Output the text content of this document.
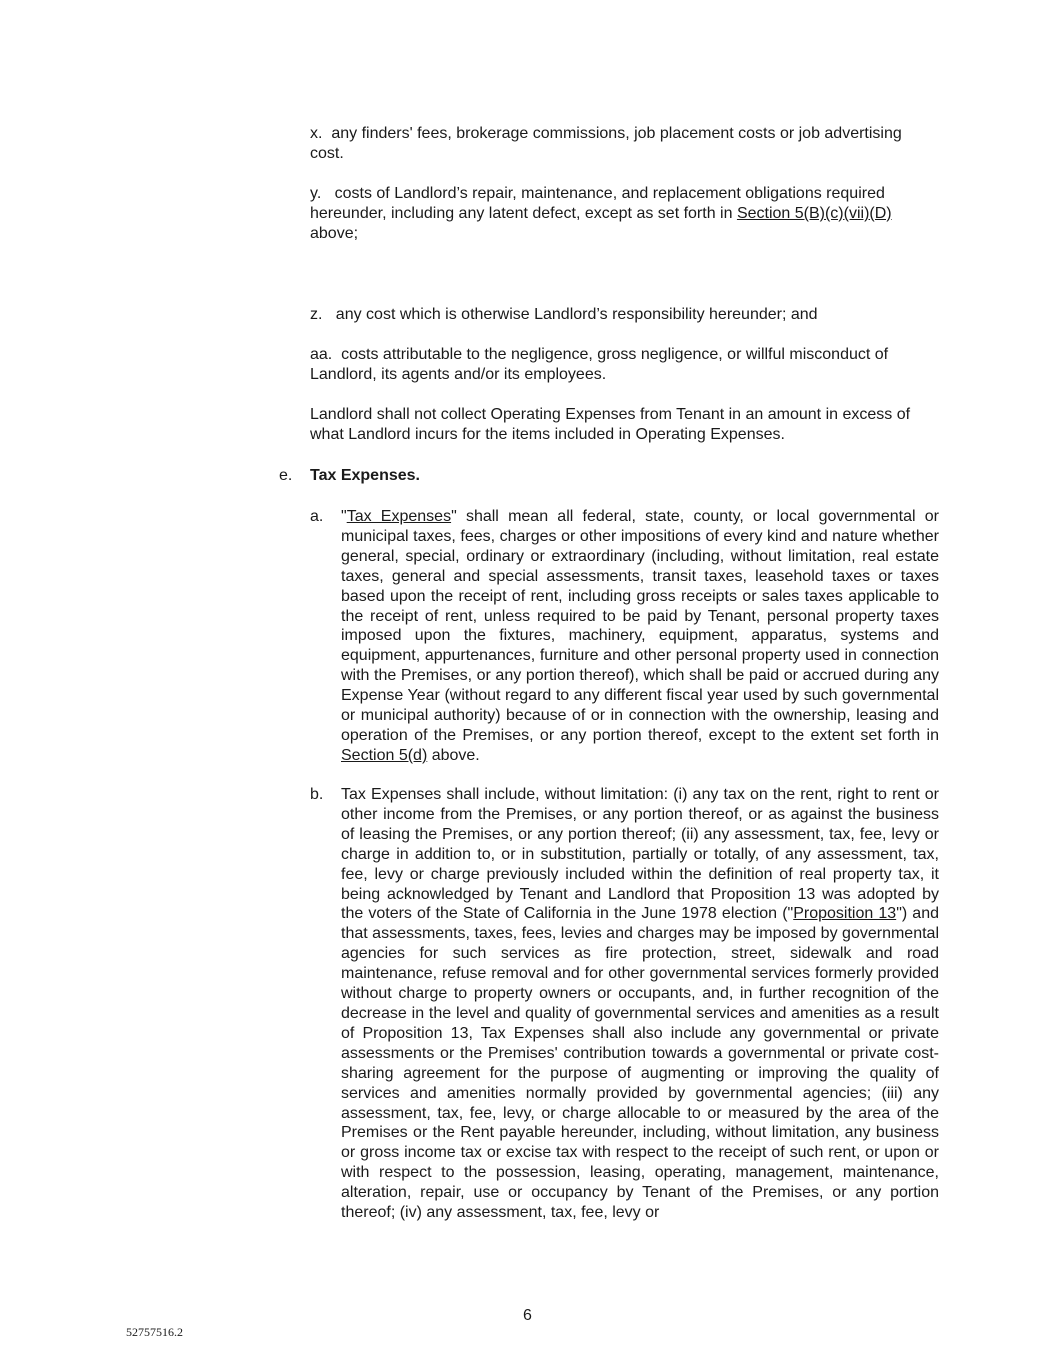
x. any finders' fees, brokerage commissions, job placement costs or job advertising cost.
y. costs of Landlord’s repair, maintenance, and replacement obligations required hereunder, including any latent defect, except as set forth in Section 5(B)(c)(vii)(D) above;
z. any cost which is otherwise Landlord’s responsibility hereunder; and
aa. costs attributable to the negligence, gross negligence, or willful misconduct of Landlord, its agents and/or its employees.
Landlord shall not collect Operating Expenses from Tenant in an amount in excess of what Landlord incurs for the items included in Operating Expenses.
e. Tax Expenses.
a.	"Tax Expenses" shall mean all federal, state, county, or local governmental or municipal taxes, fees, charges or other impositions of every kind and nature whether general, special, ordinary or extraordinary (including, without limitation, real estate taxes, general and special assessments, transit taxes, leasehold taxes or taxes based upon the receipt of rent, including gross receipts or sales taxes applicable to the receipt of rent, unless required to be paid by Tenant, personal property taxes imposed upon the fixtures, machinery, equipment, apparatus, systems and equipment, appurtenances, furniture and other personal property used in connection with the Premises, or any portion thereof), which shall be paid or accrued during any Expense Year (without regard to any different fiscal year used by such governmental or municipal authority) because of or in connection with the ownership, leasing and operation of the Premises, or any portion thereof, except to the extent set forth in Section 5(d) above.
b.	Tax Expenses shall include, without limitation: (i) any tax on the rent, right to rent or other income from the Premises, or any portion thereof, or as against the business of leasing the Premises, or any portion thereof; (ii) any assessment, tax, fee, levy or charge in addition to, or in substitution, partially or totally, of any assessment, tax, fee, levy or charge previously included within the definition of real property tax, it being acknowledged by Tenant and Landlord that Proposition 13 was adopted by the voters of the State of California in the June 1978 election ("Proposition 13") and that assessments, taxes, fees, levies and charges may be imposed by governmental agencies for such services as fire protection, street, sidewalk and road maintenance, refuse removal and for other governmental services formerly provided without charge to property owners or occupants, and, in further recognition of the decrease in the level and quality of governmental services and amenities as a result of Proposition 13, Tax Expenses shall also include any governmental or private assessments or the Premises' contribution towards a governmental or private cost-sharing agreement for the purpose of augmenting or improving the quality of services and amenities normally provided by governmental agencies; (iii) any assessment, tax, fee, levy, or charge allocable to or measured by the area of the Premises or the Rent payable hereunder, including, without limitation, any business or gross income tax or excise tax with respect to the receipt of such rent, or upon or with respect to the possession, leasing, operating, management, maintenance, alteration, repair, use or occupancy by Tenant of the Premises, or any portion thereof; (iv) any assessment, tax, fee, levy or
6
52757516.2
